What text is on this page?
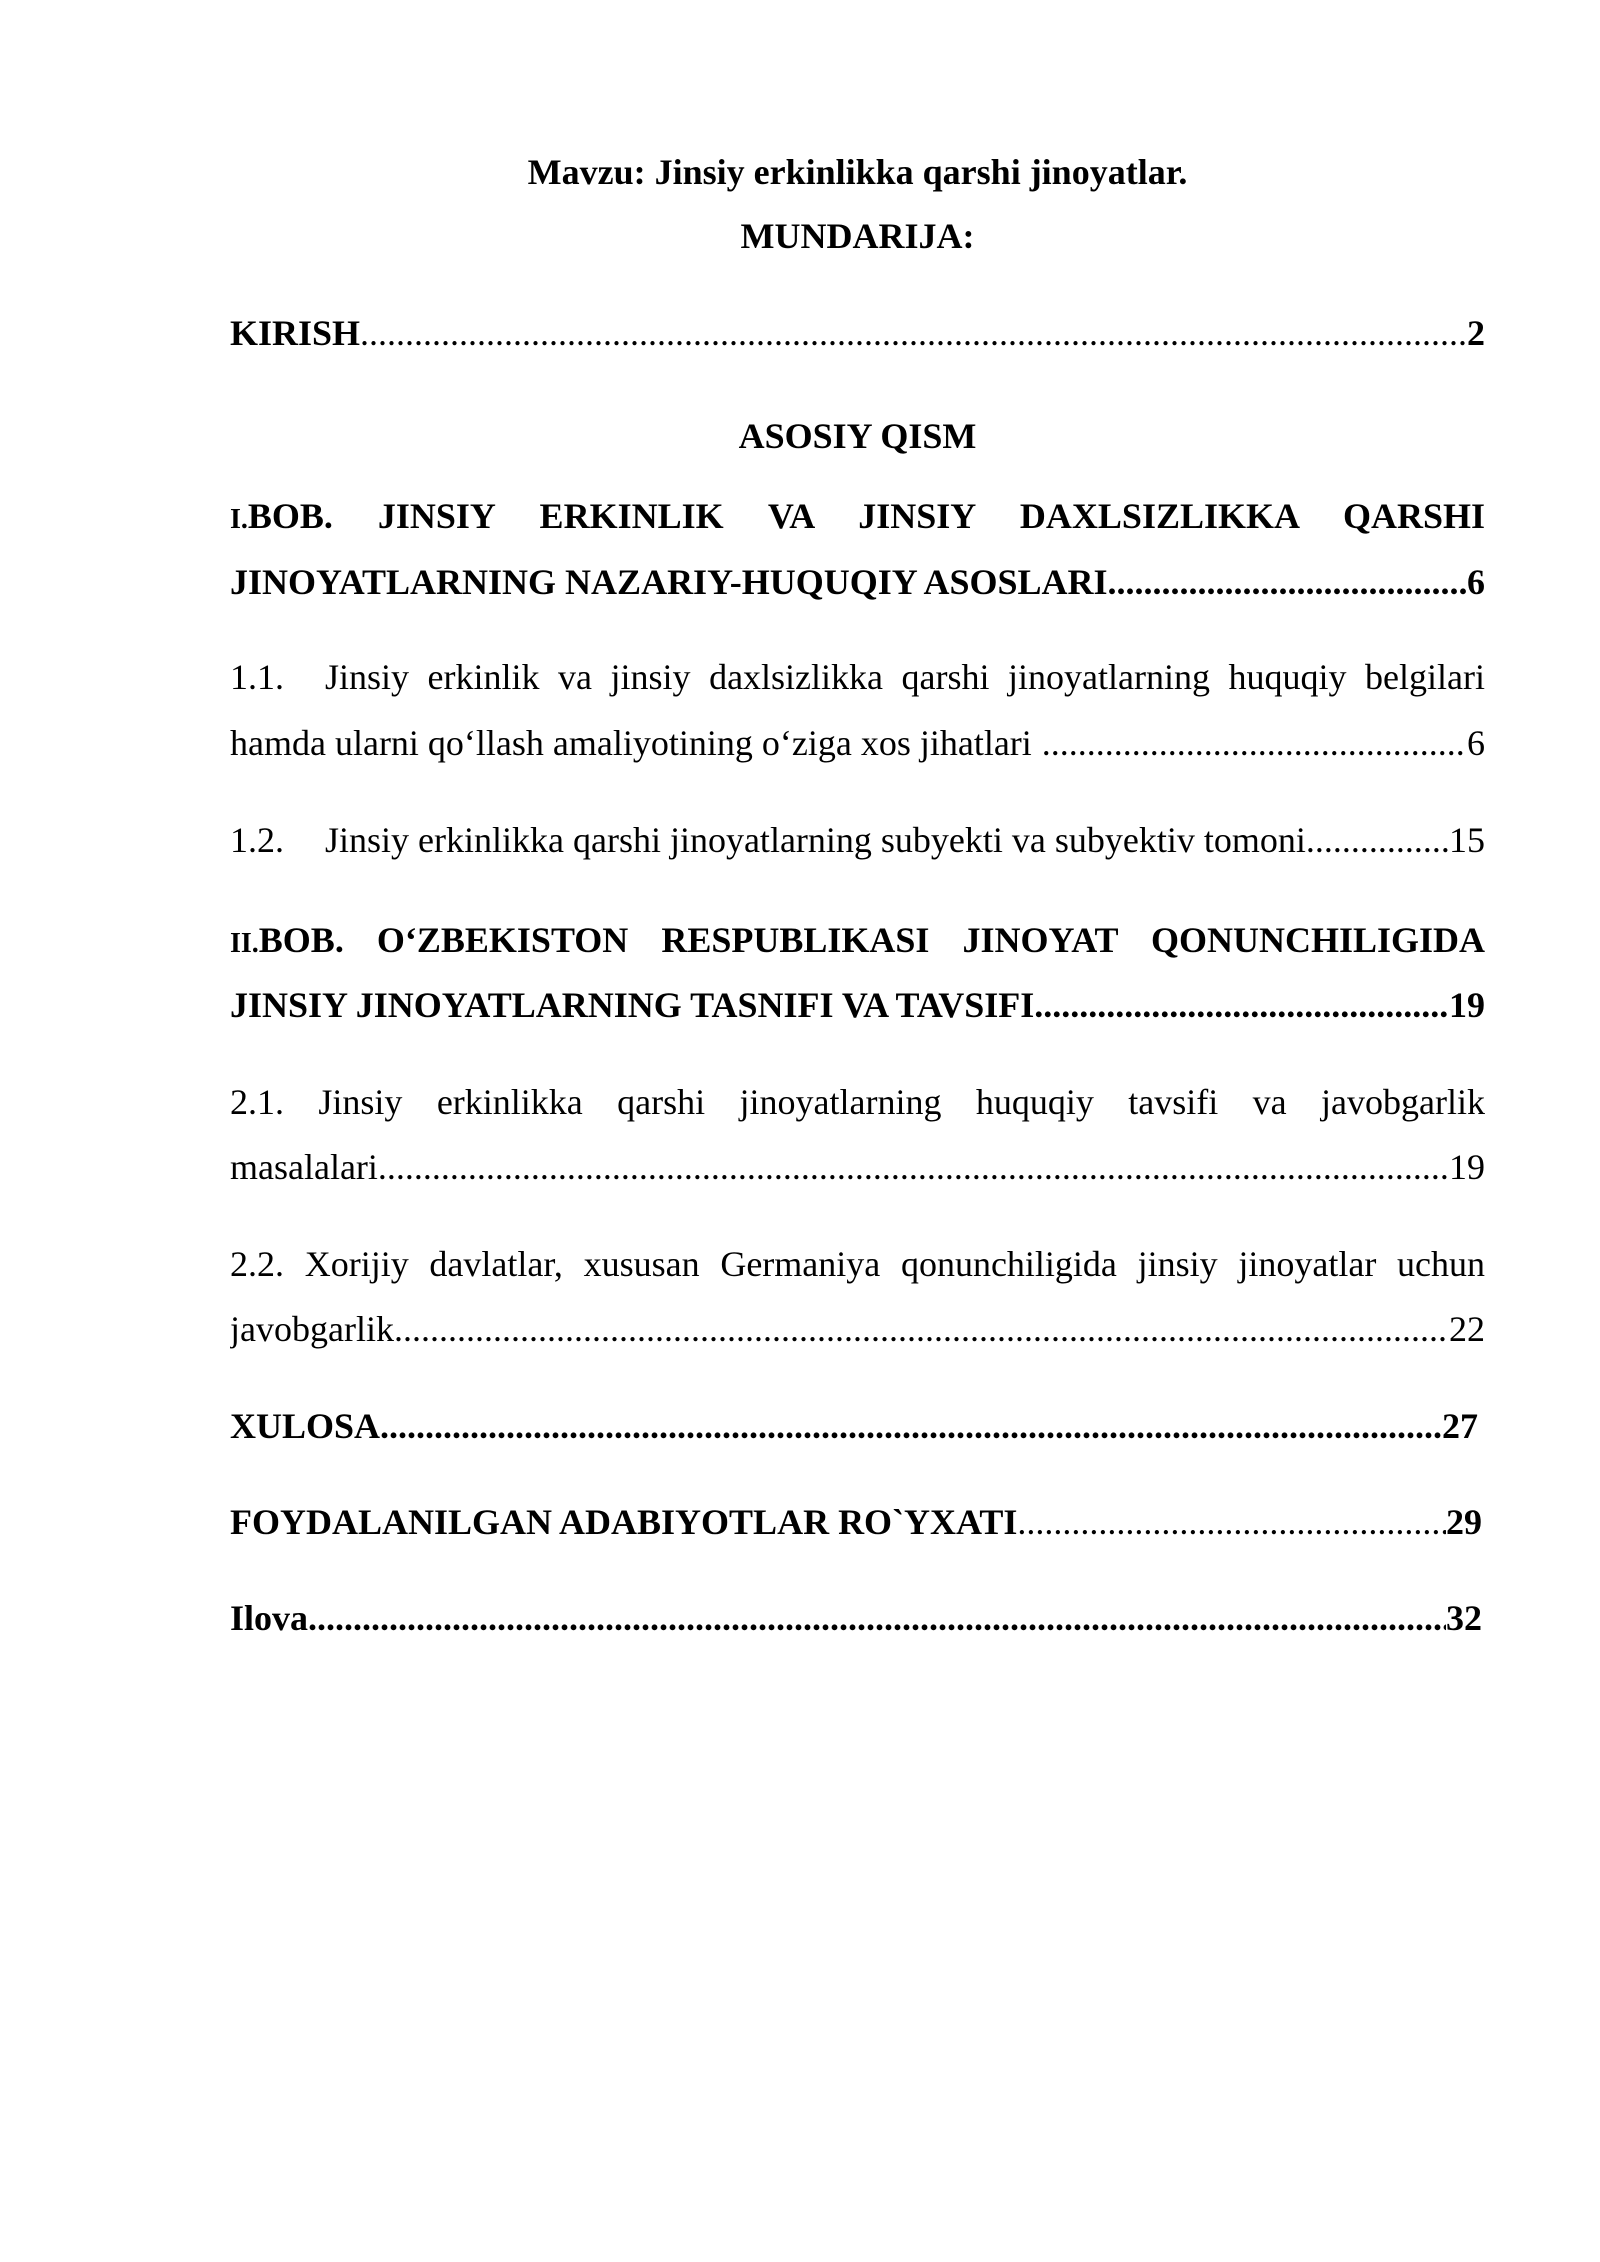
Mavzu: Jinsiy erkinlikka qarshi jinoyatlar.
MUNDARIJA:
KIRISH .....	2
ASOSIY QISM
I.BOB. JINSIY ERKINLIK VA JINSIY DAXLSIZLIKKA QARSHI
JINOYATLARNING NAZARIY-HUQUQIY ASOSLARI .....	6
1.1. Jinsiy erkinlik va jinsiy daxlsizlikka qarshi jinoyatlarning huquqiy belgilari
hamda ularni qo‘llash amaliyotining o‘ziga xos jihatlari .....	6
1.2.	Jinsiy erkinlikka qarshi jinoyatlarning subyekti va subyektiv tomoni .....	15
II.BOB. O‘ZBEKISTON RESPUBLIKASI JINOYAT QONUNCHILIGIDA
JINSIY JINOYATLARNING TASNIFI VA TAVSIFI .....	19
2.1. Jinsiy erkinlikka qarshi jinoyatlarning huquqiy tavsifi va javobgarlik
masalalari .....	19
2.2. Xorijiy davlatlar, xususan Germaniya qonunchiligida jinsiy jinoyatlar uchun
javobgarlik .....	22
XULOSA .....	27
FOYDALANILGAN ADABIYOTLAR RO`YXATI .....	29
Ilova .....	32
